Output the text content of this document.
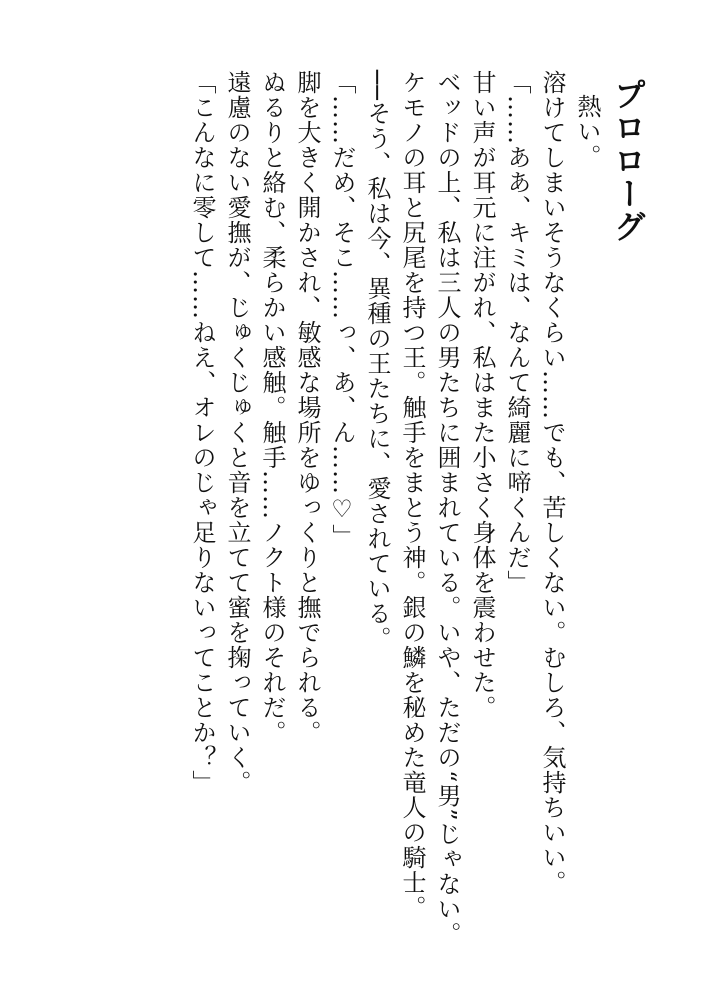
プロローグ
熱い。
溶けてしまいそうなくらい……でも、苦しくない。むしろ、気持ちいい。
「……ああ、キミは、なんて綺麗に啼くんだ」
甘い声が耳元に注がれ、私はまた小さく身体を震わせた。
ベッドの上、私は三人の男たちに囲まれている。いや、ただの“男”じゃない。
ケモノの耳と尻尾を持つ王。触手をまとう神。銀の鱗を秘めた竜人の騎士。
──そう、私は今、異種の王たちに、愛されている。
「……だめ、そこ……っ、あ、ん……♡」
脚を大きく開かされ、敏感な場所をゆっくりと撫でられる。
ぬるりと絡む、柔らかい感触。触手……ノクト様のそれだ。
遠慮のない愛撫が、じゅくじゅくと音を立てて蜜を掬っていく。
「こんなに零して……ねえ、オレのじゃ足りないってことか？」
